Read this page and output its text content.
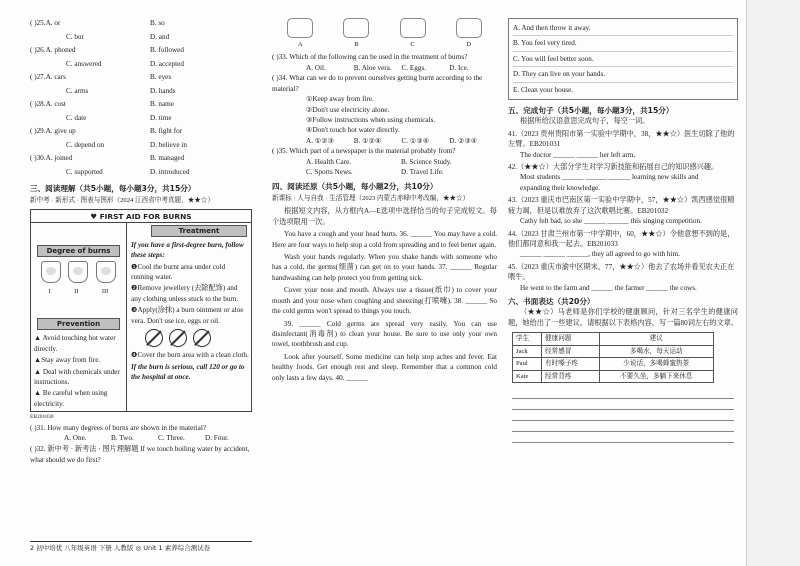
( )25.A. or	B. so
C. but	D. and
( )26.A. phoned	B. followed
C. answered	D. accepted
( )27.A. cars	B. eyes
C. arms	D. hands
( )28.A. cost	B. name
C. date	D. time
( )29.A. give up	B. fight for
C. depend on	D. believe in
( )30.A. joined	B. managed
C. supported	D. introduced
三、阅读理解（共5小题，每小题3分，共15分）
新中考 · 新形式 · 图表与图形（2024 江西省中考真题，★★☆）
♥ FIRST AID FOR BURNS
Degree of burns
I	II	III
Prevention

▲ Avoid touching hot water directly.

▲Stay away from fire.

▲ Deal with chemicals under instructions.

▲ Be careful when using electricity.

Treatment

If you have a first-degree burn, follow these steps:

❶Cool the burnt area under cold running water.

❷Remove jewellery (去除配饰) and any clothing unless stuck to the burn.

❸Apply(涂抹) a burn ointment or aloe vera. Don't use ice, eggs or oil.

❹Cover the burn area with a clean cloth.

If the burn is serious, call 120 or go to the hospital at once.

EB201030
( )31. How many degrees of burns are shown in the material?
A. One.	B. Two.	C. Three.	D. Four.
( )32. 新中考 · 新考法 · 图片理解题 If we touch boiling water by accident, what should we do first?
2 初中培优 八年级英语 下册 人教版 ◎ Unit 1 素养综合测试卷
A	B	C	D
( )33. Which of the following can be used in the treatment of burns?
A. Oil.	B. Aloe vera.	C. Eggs.	D. Ice.
( )34. What can we do to prevent ourselves getting burnt according to the material?
①Keep away from fire.
②Don't use electricity alone.
③Follow instructions when using chemicals.
④Don't touch hot water directly.
A. ①②③	B. ①②④	C. ①③④	D. ②③④
( )35. Which part of a newspaper is the material probably from?
A. Health Care.	B. Science Study.
C. Sports News.	D. Travel Life.
四、阅读还原（共5小题，每小题2分，共10分）
新课标 · 人与自我 · 生活管理（2023 内蒙古赤峰中考改编，★★☆）
根据短文内容，从方框内A—E选项中选择恰当的句子完成短文。每个选项限用一次。
You have a cough and your head hurts. 36. ______ You may have a cold. Here are four ways to help stop a cold from spreading and to feel better again.
Wash your hands regularly. When you shake hands with someone who has a cold, the germs(细菌) can get on to your hands. 37. ______ Regular handwashing can help protect you from getting sick.
Cover your nose and mouth. Always use a tissue(纸巾) to cover your mouth and your nose when coughing and sneezing(打喷嚏). 38. ______ So the cold germs won't spread to things you touch.
39. ______ Cold germs are spread very easily. You can use disinfectant(消毒剂) to clean your house. Be sure to use only your own towel, toothbrush and cup.
Look after yourself. Some medicine can help stop aches and fever. Eat healthy foods. Get enough rest and sleep. Remember that a common cold only lasts a few days. 40. ______

A. And then throw it away.

B. You feel very tired.

C. You will feel better soon.

D. They can live on your hands.

E. Clean your house.

五、完成句子（共5小题，每小题3分，共15分）
根据所给汉语意思完成句子，每空一词。
41.（2023 贵州贵阳市第一实验中学期中，38，★★☆）医生切除了他的左臂。EB201031
The doctor ______ ______ her left arm.
42.（★★☆）大部分学生对学习新技能和拓展自己的知识感兴趣。
Most students ______ ______ ______ learning new skills and
expanding their knowledge.
43.（2023 重庆市巴南区第一实验中学期中，57，★★☆）凯西感觉很精疲力竭，但是以难放弃了这次歌唱比赛。EB201032
Cathy felt bad, so she ______ ______ this singing competition.
44.（2023 甘肃兰州市第一中学期中，60，★★☆）令他意想不到的是，他们都同意和我一起去。EB201033
______ ______ ______, they all agreed to go with him.
45.（2023 重庆市渝中区期末，77，★★☆）他去了农场并看见农夫正在喂牛。
He went to the farm and ______ the farmer ______ the cows.
六、书面表达（共20分）
（★★☆）马老师是你们学校的健康顾问，针对三名学生的健康问题，她给出了一些建议。请根据以下表格内容，写一篇80词左右的文章。
学生	健康问题	建议
Jack	经常感冒	多喝水，每天运动
Paul	有时嗓子疼	少说话，多喝蜂蜜热茶
Kate	经常背疼	不要久坐，多躺下来休息
